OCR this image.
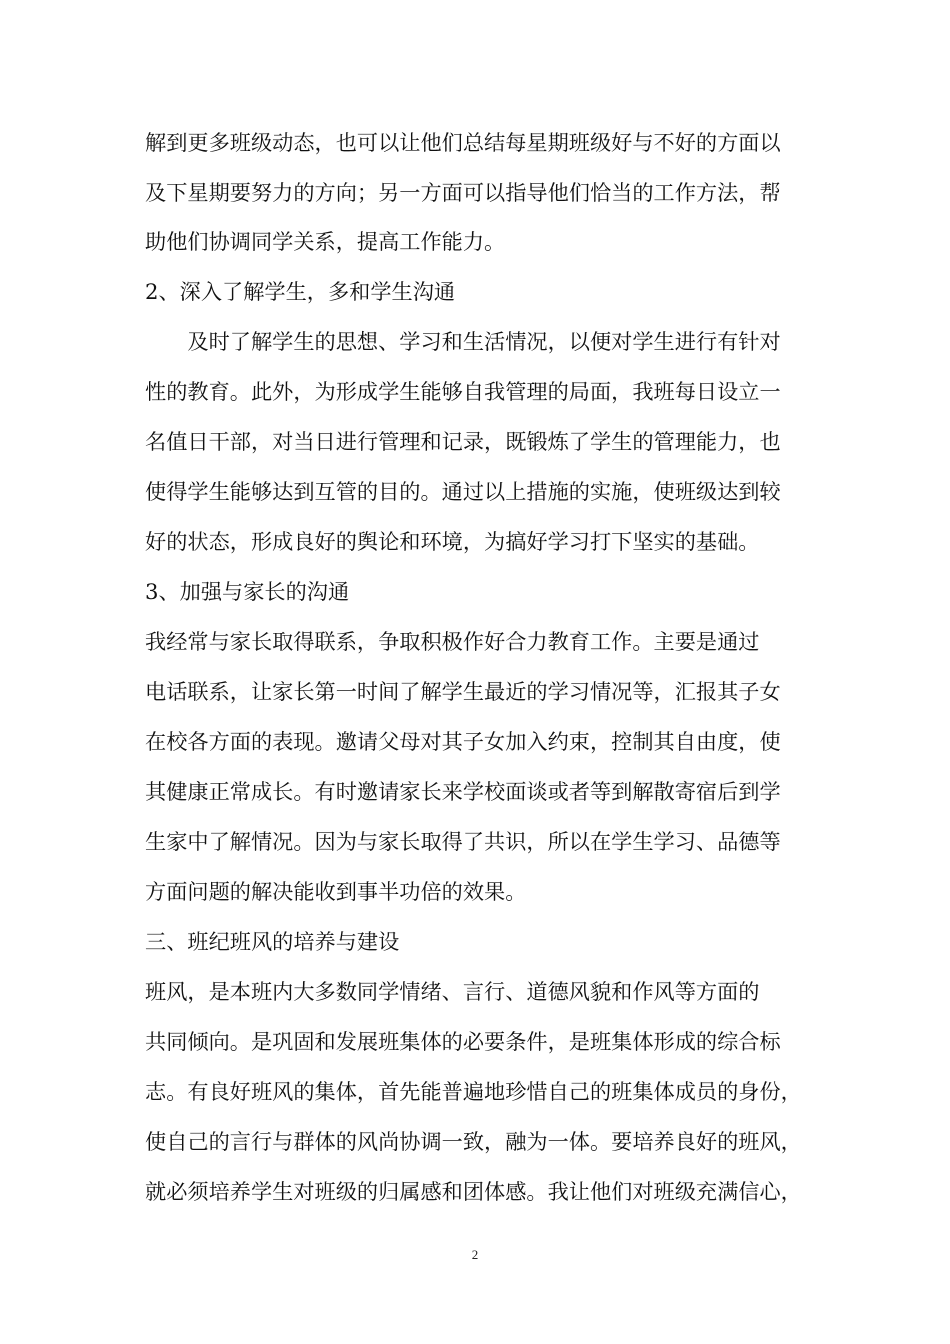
解到更多班级动态，也可以让他们总结每星期班级好与不好的方面以
及下星期要努力的方向；另一方面可以指导他们恰当的工作方法，帮
助他们协调同学关系，提高工作能力。
2、深入了解学生，多和学生沟通
　　及时了解学生的思想、学习和生活情况，以便对学生进行有针对
性的教育。此外，为形成学生能够自我管理的局面，我班每日设立一
名值日干部，对当日进行管理和记录，既锻炼了学生的管理能力，也
使得学生能够达到互管的目的。通过以上措施的实施，使班级达到较
好的状态，形成良好的舆论和环境，为搞好学习打下坚实的基础。
3、加强与家长的沟通
我经常与家长取得联系，争取积极作好合力教育工作。主要是通过
电话联系，让家长第一时间了解学生最近的学习情况等，汇报其子女
在校各方面的表现。邀请父母对其子女加入约束，控制其自由度，使
其健康正常成长。有时邀请家长来学校面谈或者等到解散寄宿后到学
生家中了解情况。因为与家长取得了共识，所以在学生学习、品德等
方面问题的解决能收到事半功倍的效果。
三、班纪班风的培养与建设
班风，是本班内大多数同学情绪、言行、道德风貌和作风等方面的
共同倾向。是巩固和发展班集体的必要条件，是班集体形成的综合标
志。有良好班风的集体，首先能普遍地珍惜自己的班集体成员的身份，
使自己的言行与群体的风尚协调一致，融为一体。要培养良好的班风，
就必须培养学生对班级的归属感和团体感。我让他们对班级充满信心，
2
